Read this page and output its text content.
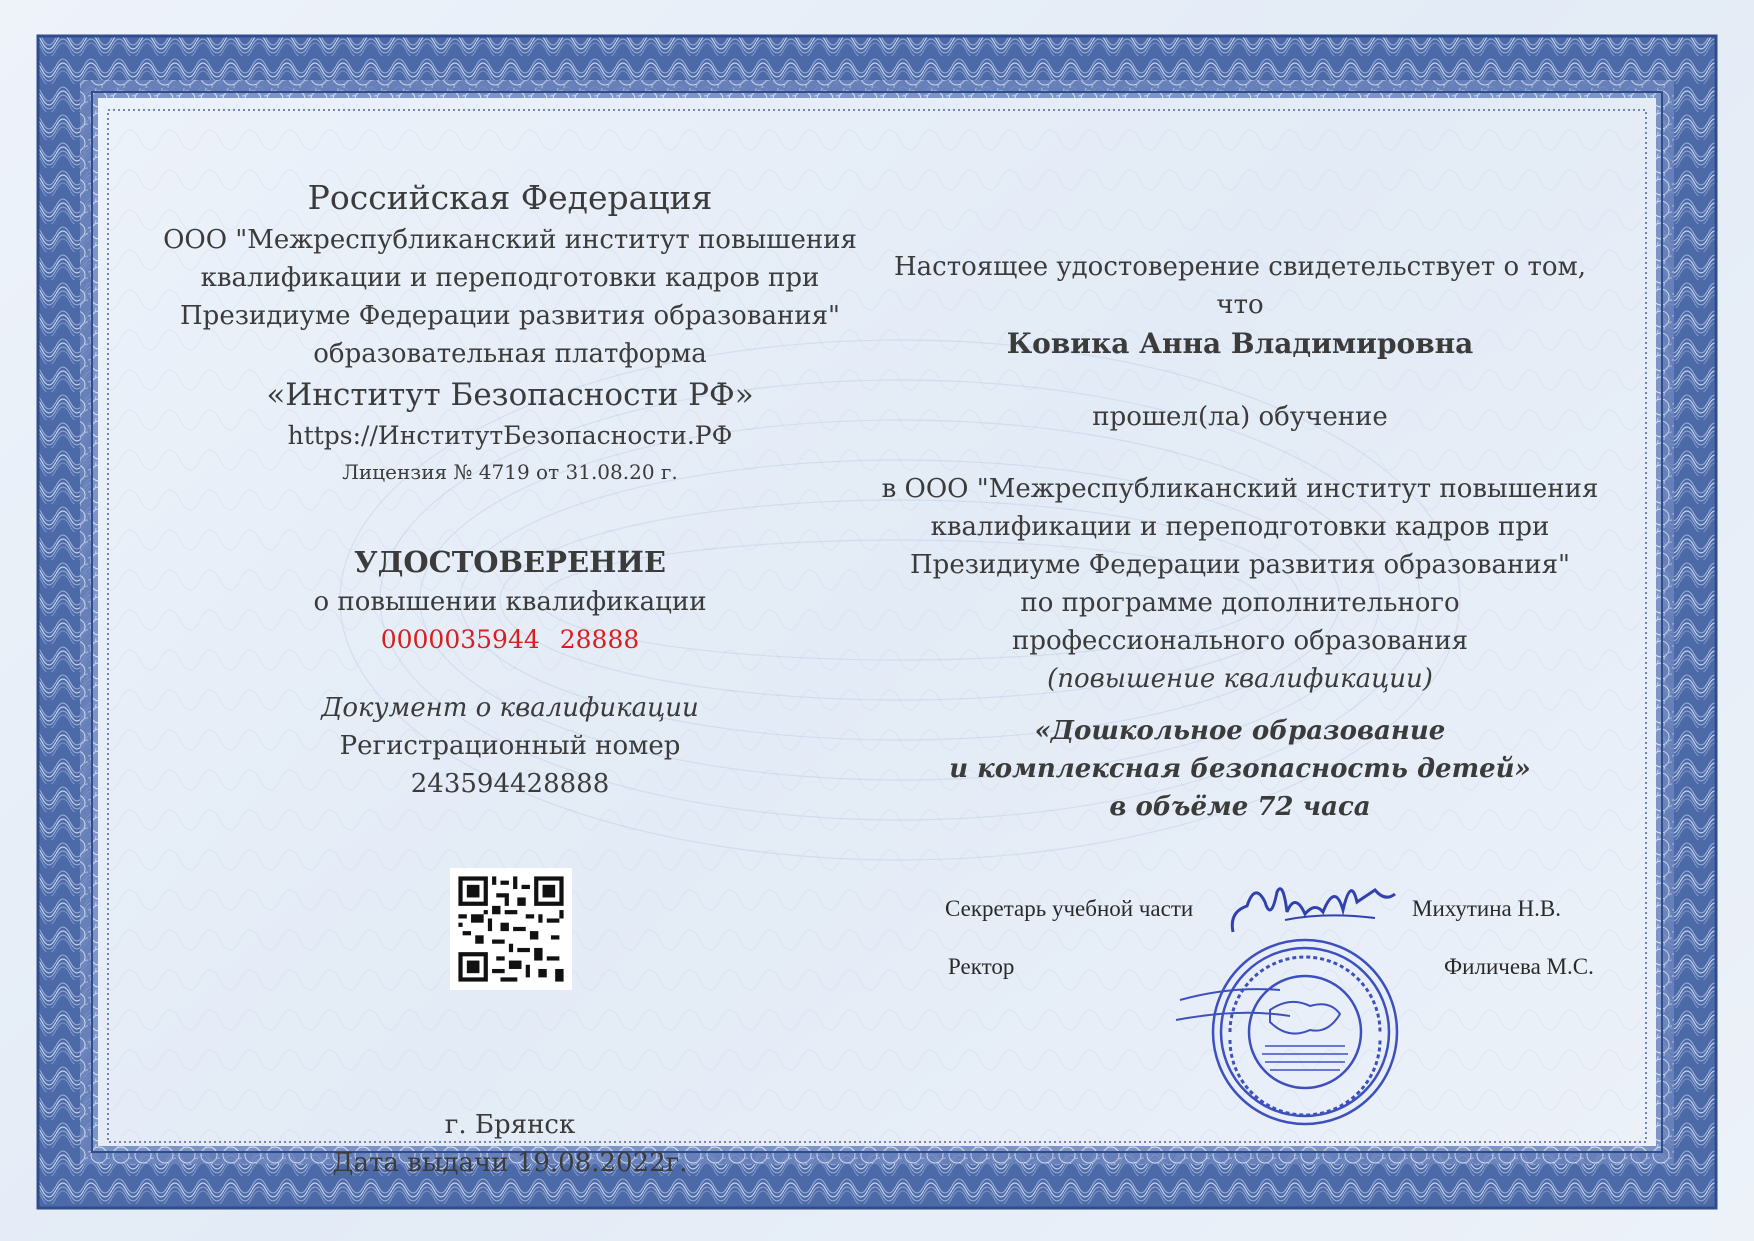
Российская Федерация
ООО "Межреспубликанский институт повышения
квалификации и переподготовки кадров при
Президиуме Федерации развития образования"
образовательная платформа
«Институт Безопасности РФ»
https://ИнститутБезопасности.РФ
Лицензия № 4719 от 31.08.20 г.
УДОСТОВЕРЕНИЕ
о повышении квалификации
0000035944 28888
Документ о квалификации
Регистрационный номер
243594428888
г. Брянск
Дата выдачи 19.08.2022г.
Настоящее удостоверение свидетельствует о том,
что
Ковика Анна Владимировна
прошел(ла) обучение
в ООО "Межреспубликанский институт повышения
квалификации и переподготовки кадров при
Президиуме Федерации развития образования"
по программе дополнительного
профессионального образования
(повышение квалификации)
«Дошкольное образование
и комплексная безопасность детей»
в объёме 72 часа
Секретарь учебной части	Михутина Н.В.
Ректор	Филичева М.С.
